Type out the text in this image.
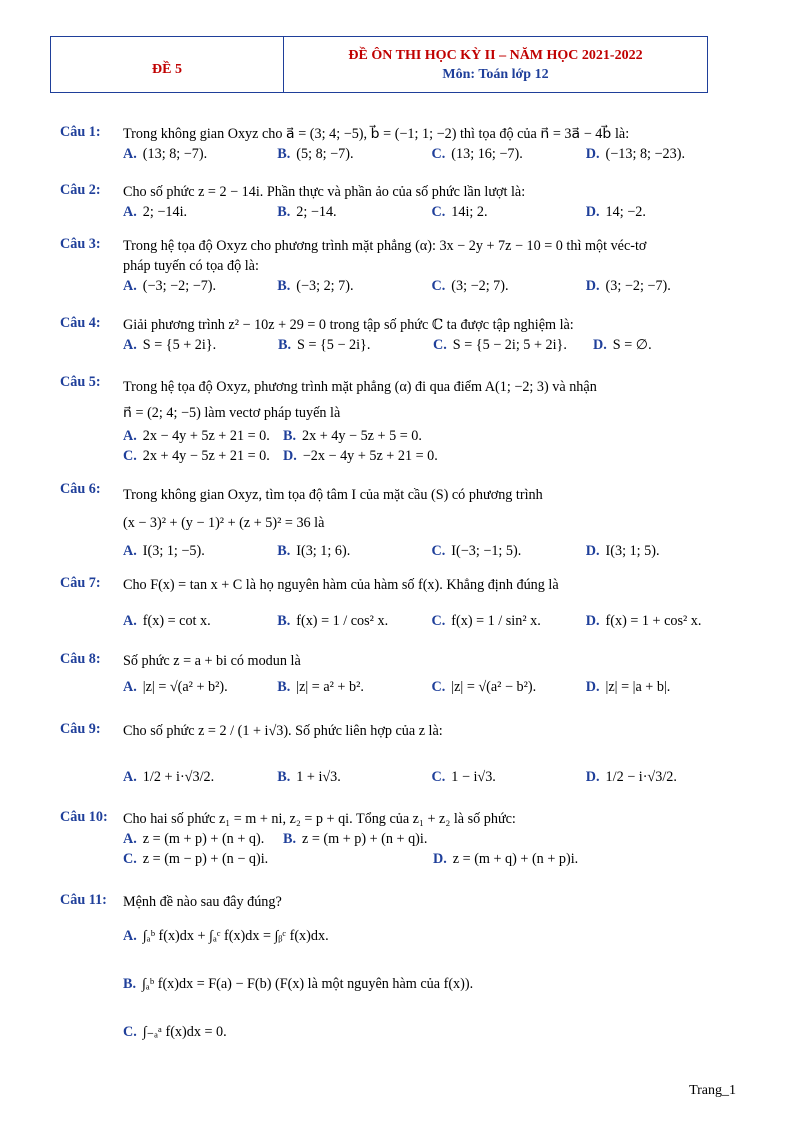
ĐỀ 5
ĐỀ ÔN THI HỌC KỲ II – NĂM HỌC 2021-2022
Môn: Toán lớp 12
Câu 1: Trong không gian Oxyz cho a⃗ = (3; 4; −5), b⃗ = (−1; 1; −2) thì tọa độ của n⃗ = 3a⃗ − 4b⃗ là:
A. (13; 8; −7).	B. (5; 8; −7).	C. (13; 16; −7).	D. (−13; 8; −23).
Câu 2: Cho số phức z = 2 − 14i. Phần thực và phần ảo của số phức lần lượt là:
A. 2; −14i.	B. 2; −14.	C. 14i; 2.	D. 14; −2.
Câu 3: Trong hệ tọa độ Oxyz cho phương trình mặt phẳng (α): 3x − 2y + 7z − 10 = 0 thì một véc-tơ
pháp tuyến có tọa độ là:
A. (−3; −2; −7).	B. (−3; 2; 7).	C. (3; −2; 7).	D. (3; −2; −7).
Câu 4: Giải phương trình z² − 10z + 29 = 0 trong tập số phức ℂ ta được tập nghiệm là:
A. S = {5 + 2i}.	B. S = {5 − 2i}.	C. S = {5 − 2i; 5 + 2i}. D. S = ∅.
Câu 5: Trong hệ tọa độ Oxyz, phương trình mặt phẳng (α) đi qua điểm A(1; −2; 3) và nhận
n⃗ = (2; 4; −5) làm vectơ pháp tuyến là
A. 2x − 4y + 5z + 21 = 0. B. 2x + 4y − 5z + 5 = 0.
C. 2x + 4y − 5z + 21 = 0. D. −2x − 4y + 5z + 21 = 0.
Câu 6: Trong không gian Oxyz, tìm tọa độ tâm I của mặt cầu (S) có phương trình
(x − 3)² + (y − 1)² + (z + 5)² = 36 là
A. I(3; 1; −5).	B. I(3; 1; 6).	C. I(−3; −1; 5).	D. I(3; 1; 5).
Câu 7: Cho F(x) = tan x + C là họ nguyên hàm của hàm số f(x). Khẳng định đúng là
A. f(x) = cot x.	B. f(x) = 1 / cos² x.	C. f(x) = 1 / sin² x.	D. f(x) = 1 + cos² x.
Câu 8: Số phức z = a + bi có modun là
A. |z| = √(a² + b²).	B. |z| = a² + b².	C. |z| = √(a² − b²).	D. |z| = |a + b|.
Câu 9: Cho số phức z = 2 / (1 + i√3). Số phức liên hợp của z là:
A. 1/2 + i·√3/2.	B. 1 + i√3.	C. 1 − i√3.	D. 1/2 − i·√3/2.
Câu 10: Cho hai số phức z₁ = m + ni, z₂ = p + qi. Tổng của z₁ + z₂ là số phức:
A. z = (m + p) + (n + q). B. z = (m + p) + (n + q)i.
C. z = (m − p) + (n − q)i.	D. z = (m + q) + (n + p)i.
Câu 11: Mệnh đề nào sau đây đúng?
A. ∫ₐᵇ f(x)dx + ∫ₐᶜ f(x)dx = ∫ᵦᶜ f(x)dx.
B. ∫ₐᵇ f(x)dx = F(a) − F(b) (F(x) là một nguyên hàm của f(x)).
C. ∫₋ₐᵃ f(x)dx = 0.
Trang_1
